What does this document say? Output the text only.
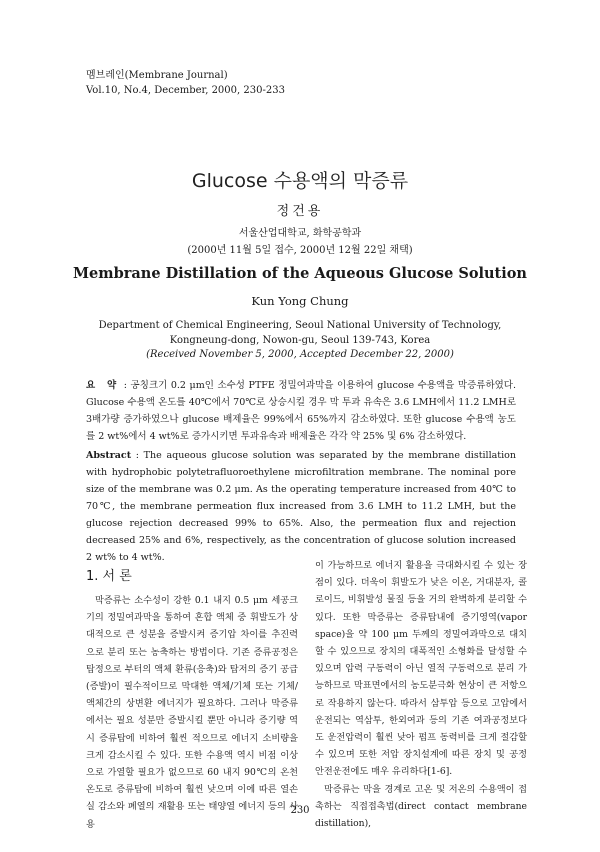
멤브레인(Membrane Journal)
Vol.10, No.4, December, 2000, 230-233
Glucose 수용액의 막증류
정건용
서울산업대학교, 화학공학과
(2000년 11월 5일 접수, 2000년 12월 22일 채택)
Membrane Distillation of the Aqueous Glucose Solution
Kun Yong Chung
Department of Chemical Engineering, Seoul National University of Technology, Kongneung-dong, Nowon-gu, Seoul 139-743, Korea
(Received November 5, 2000, Accepted December 22, 2000)
요 약 : 공칭크기 0.2 μm인 소수성 PTFE 정밀여과막을 이용하여 glucose 수용액을 막증류하였다. Glucose 수용액 온도를 40℃에서 70℃로 상승시킬 경우 막 투과 유속은 3.6 LMH에서 11.2 LMH로 3배가량 증가하였으나 glucose 배제율은 99%에서 65%까지 감소하였다. 또한 glucose 수용액 농도를 2 wt%에서 4 wt%로 증가시키면 투과유속과 배제율은 각각 약 25% 및 6% 감소하였다.
Abstract : The aqueous glucose solution was separated by the membrane distillation with hydrophobic polytetrafluoroethylene microfiltration membrane. The nominal pore size of the membrane was 0.2 μm. As the operating temperature increased from 40℃ to 70℃, the membrane permeation flux increased from 3.6 LMH to 11.2 LMH, but the glucose rejection decreased 99% to 65%. Also, the permeation flux and rejection decreased 25% and 6%, respectively, as the concentration of glucose solution increased 2 wt% to 4 wt%.
1. 서 론
막증류는 소수성이 강한 0.1 내지 0.5 μm 세공크기의 정밀여과막을 통하여 혼합 액체 중 휘발도가 상대적으로 큰 성분을 증발시켜 증기압 차이를 추진력으로 분리 또는 농축하는 방법이다. 기존 증류공정은 탑정으로 부터의 액체 환류(응축)와 탑저의 증기 공급(증발)이 필수적이므로 막대한 액체/기체 또는 기체/액체간의 상변환 에너지가 필요하다. 그러나 막증류에서는 필요 성분만 증발시킬 뿐만 아니라 증기량 역시 증류탑에 비하여 훨씬 적으므로 에너지 소비량을 크게 감소시킬 수 있다. 또한 수용액 역시 비점 이상으로 가열할 필요가 없으므로 60 내지 90℃의 온천온도로 증류탑에 비하여 훨씬 낮으며 이에 따른 열손실 감소와 폐열의 재활용 또는 태양열 에너지 등의 사용

이 가능하므로 에너지 활용을 극대화시킬 수 있는 장점이 있다. 더욱이 휘발도가 낮은 이온, 거대분자, 콜로이드, 비휘발성 물질 등을 거의 완벽하게 분리할 수 있다. 또한 막증류는 증류탑내에 증기영역(vapor space)을 약 100 μm 두께의 정밀여과막으로 대치할 수 있으므로 장치의 대폭적인 소형화를 달성할 수 있으며 압력 구동력이 아닌 열적 구동력으로 분리 가능하므로 막표면에서의 농도분극화 현상이 큰 저항으로 작용하지 않는다. 따라서 삼투압 등으로 고압에서 운전되는 역삼투, 한외여과 등의 기존 여과공정보다도 운전압력이 훨씬 낮아 펌프 동력비를 크게 절감할 수 있으며 또한 저압 장치설계에 따른 장치 및 공정 안전운전에도 매우 유리하다[1-6].

막증류는 막을 경계로 고온 및 저온의 수용액이 접촉하는 직접접촉법(direct contact membrane distillation),

230
